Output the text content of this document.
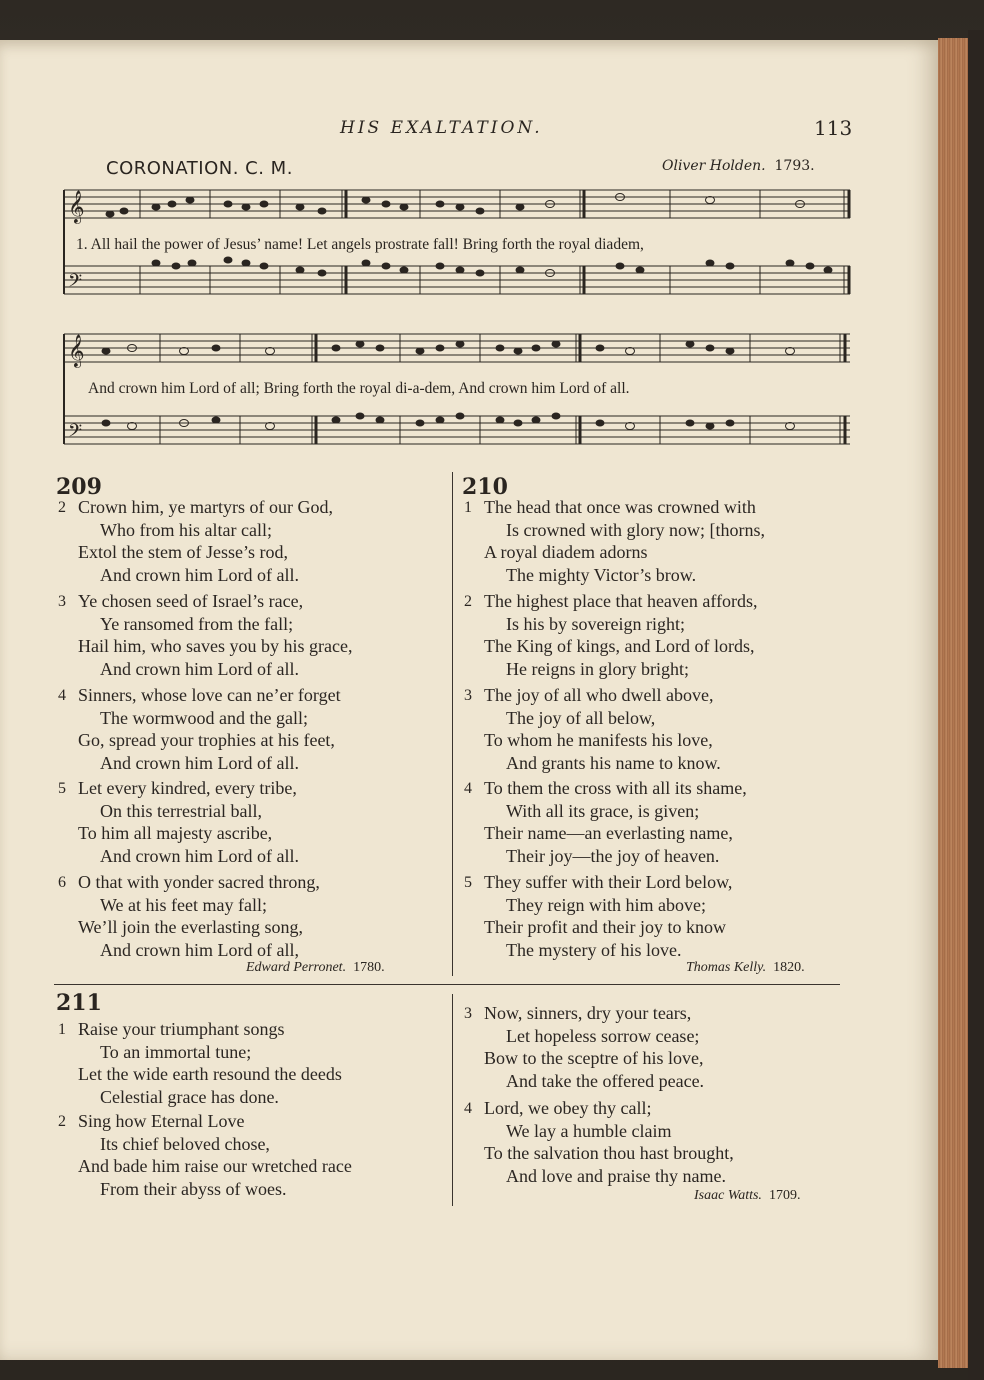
HIS EXALTATION.	113
CORONATION. C. M.	Oliver Holden. 1793.
𝄞
𝄢
1. All hail the power of Jesus’ name! Let angels prostrate fall! Bring forth the royal diadem,
𝄞
𝄢
And crown him Lord of all; Bring forth the royal di-a-dem, And crown him Lord of all.
209
2 Crown him, ye martyrs of our God,
Who from his altar call;
Extol the stem of Jesse’s rod,
And crown him Lord of all.
3 Ye chosen seed of Israel’s race,
Ye ransomed from the fall;
Hail him, who saves you by his grace,
And crown him Lord of all.
4 Sinners, whose love can ne’er forget
The wormwood and the gall;
Go, spread your trophies at his feet,
And crown him Lord of all.
5 Let every kindred, every tribe,
On this terrestrial ball,
To him all majesty ascribe,
And crown him Lord of all.
6 O that with yonder sacred throng,
We at his feet may fall;
We’ll join the everlasting song,
And crown him Lord of all,
Edward Perronet. 1780.
210
1 The head that once was crowned with
Is crowned with glory now; [thorns,
A royal diadem adorns
The mighty Victor’s brow.
2 The highest place that heaven affords,
Is his by sovereign right;
The King of kings, and Lord of lords,
He reigns in glory bright;
3 The joy of all who dwell above,
The joy of all below,
To whom he manifests his love,
And grants his name to know.
4 To them the cross with all its shame,
With all its grace, is given;
Their name—an everlasting name,
Their joy—the joy of heaven.
5 They suffer with their Lord below,
They reign with him above;
Their profit and their joy to know
The mystery of his love.
Thomas Kelly. 1820.
211
1 Raise your triumphant songs
To an immortal tune;
Let the wide earth resound the deeds
Celestial grace has done.
2 Sing how Eternal Love
Its chief beloved chose,
And bade him raise our wretched race
From their abyss of woes.
3 Now, sinners, dry your tears,
Let hopeless sorrow cease;
Bow to the sceptre of his love,
And take the offered peace.
4 Lord, we obey thy call;
We lay a humble claim
To the salvation thou hast brought,
And love and praise thy name.
Isaac Watts. 1709.
